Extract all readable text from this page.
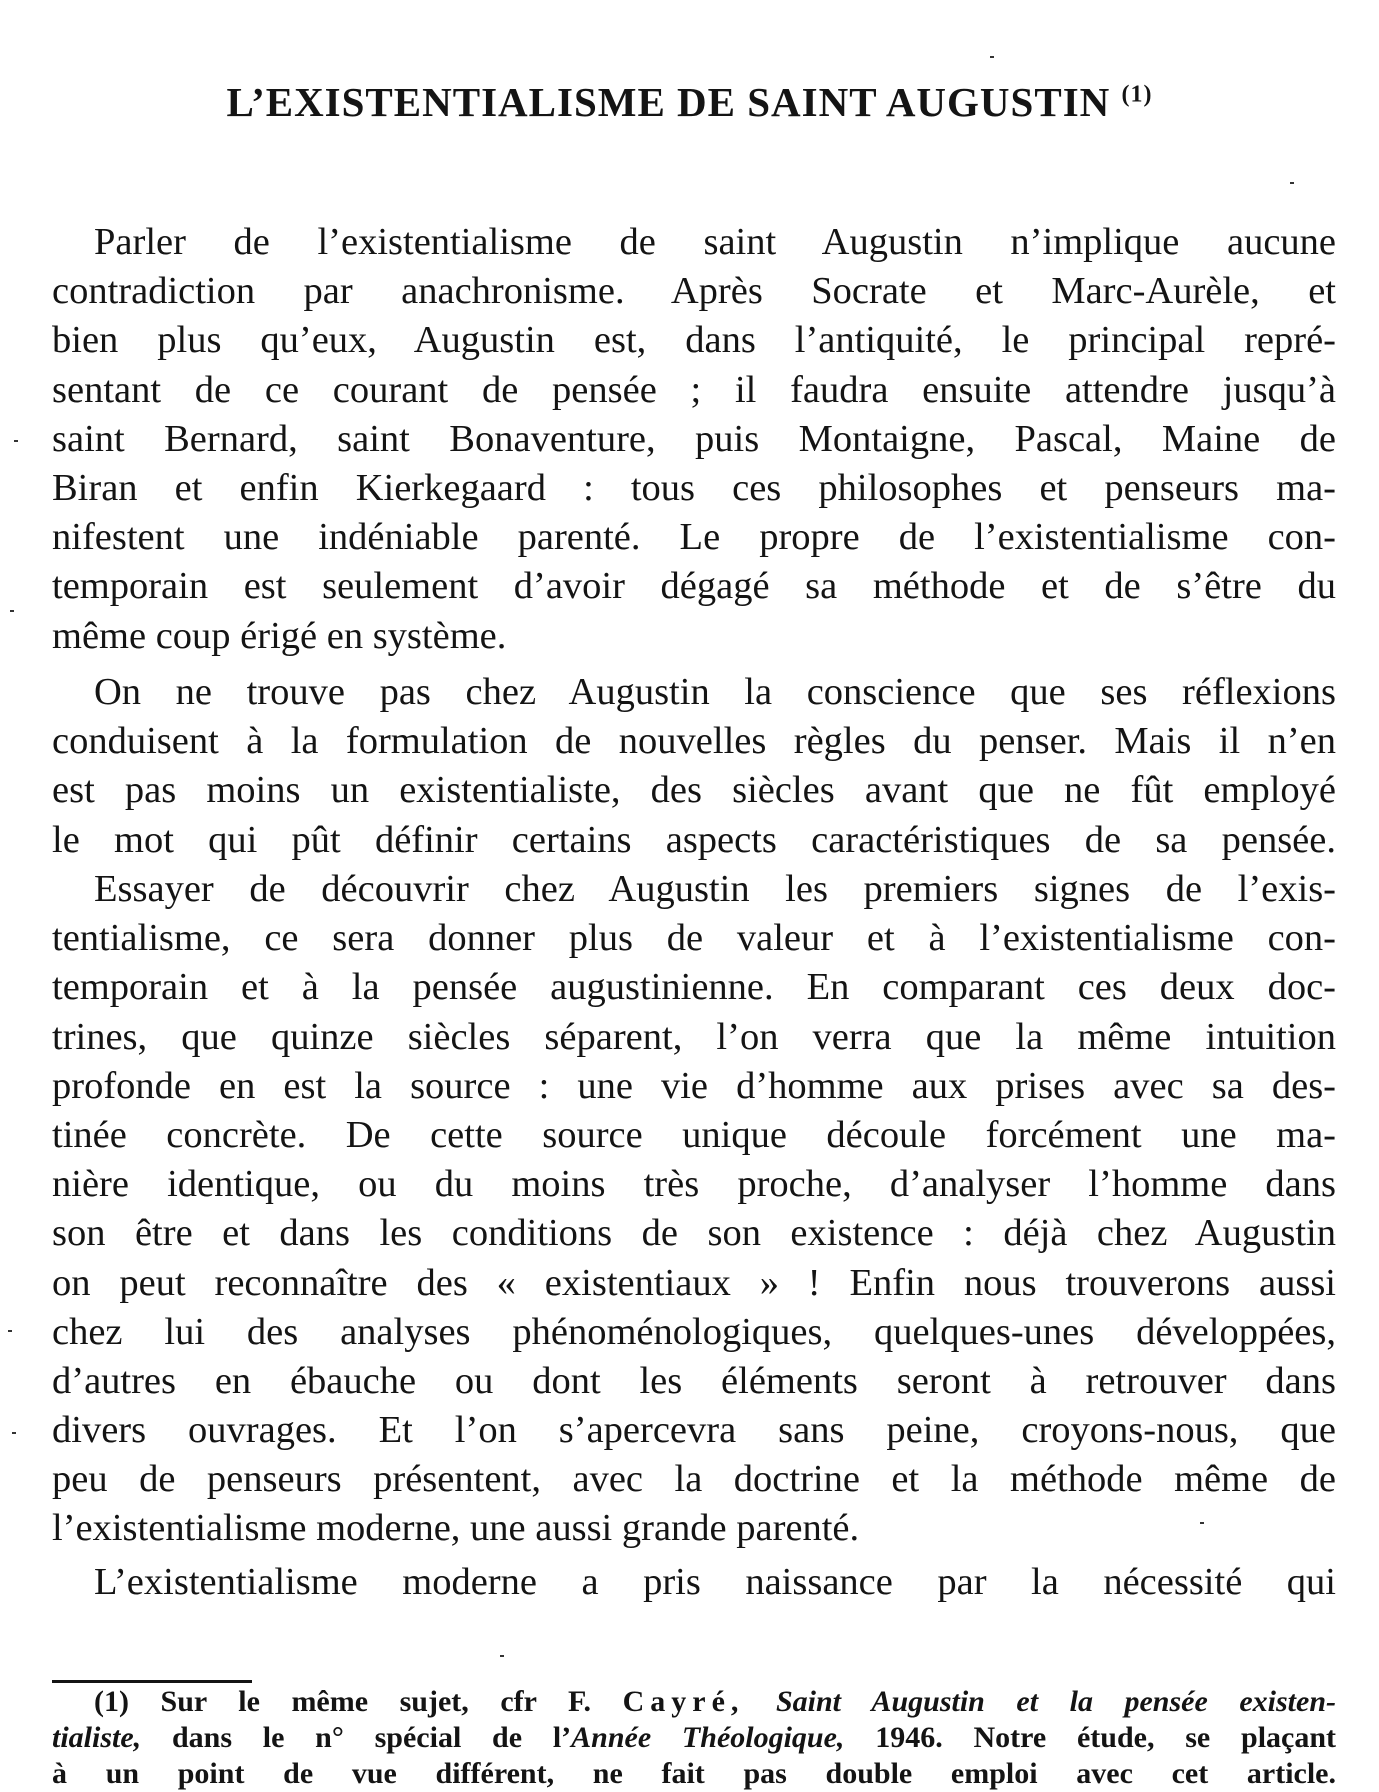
L’EXISTENTIALISME DE SAINT AUGUSTIN $^{(1)}$
Parler de l’existentialisme de saint Augustin n’implique aucune
contradiction par anachronisme. Après Socrate et Marc-Aurèle, et
bien plus qu’eux, Augustin est, dans l’antiquité, le principal repré-
sentant de ce courant de pensée ; il faudra ensuite attendre jusqu’à
saint Bernard, saint Bonaventure, puis Montaigne, Pascal, Maine de
Biran et enfin Kierkegaard : tous ces philosophes et penseurs ma-
nifestent une indéniable parenté. Le propre de l’existentialisme con-
temporain est seulement d’avoir dégagé sa méthode et de s’être du
même coup érigé en système.
On ne trouve pas chez Augustin la conscience que ses réflexions
conduisent à la formulation de nouvelles règles du penser. Mais il n’en
est pas moins un existentialiste, des siècles avant que ne fût employé
le mot qui pût définir certains aspects caractéristiques de sa pensée.
Essayer de découvrir chez Augustin les premiers signes de l’exis-
tentialisme, ce sera donner plus de valeur et à l’existentialisme con-
temporain et à la pensée augustinienne. En comparant ces deux doc-
trines, que quinze siècles séparent, l’on verra que la même intuition
profonde en est la source : une vie d’homme aux prises avec sa des-
tinée concrète. De cette source unique découle forcément une ma-
nière identique, ou du moins très proche, d’analyser l’homme dans
son être et dans les conditions de son existence : déjà chez Augustin
on peut reconnaître des « existentiaux » ! Enfin nous trouverons aussi
chez lui des analyses phénoménologiques, quelques-unes développées,
d’autres en ébauche ou dont les éléments seront à retrouver dans
divers ouvrages. Et l’on s’apercevra sans peine, croyons-nous, que
peu de penseurs présentent, avec la doctrine et la méthode même de
l’existentialisme moderne, une aussi grande parenté.
L’existentialisme moderne a pris naissance par la nécessité qui
(1) Sur le même sujet, cfr F. Cayré, Saint Augustin et la pensée existen-
tialiste, dans le n° spécial de l’Année Théologique, 1946. Notre étude, se plaçant
à un point de vue différent, ne fait pas double emploi avec cet article.
